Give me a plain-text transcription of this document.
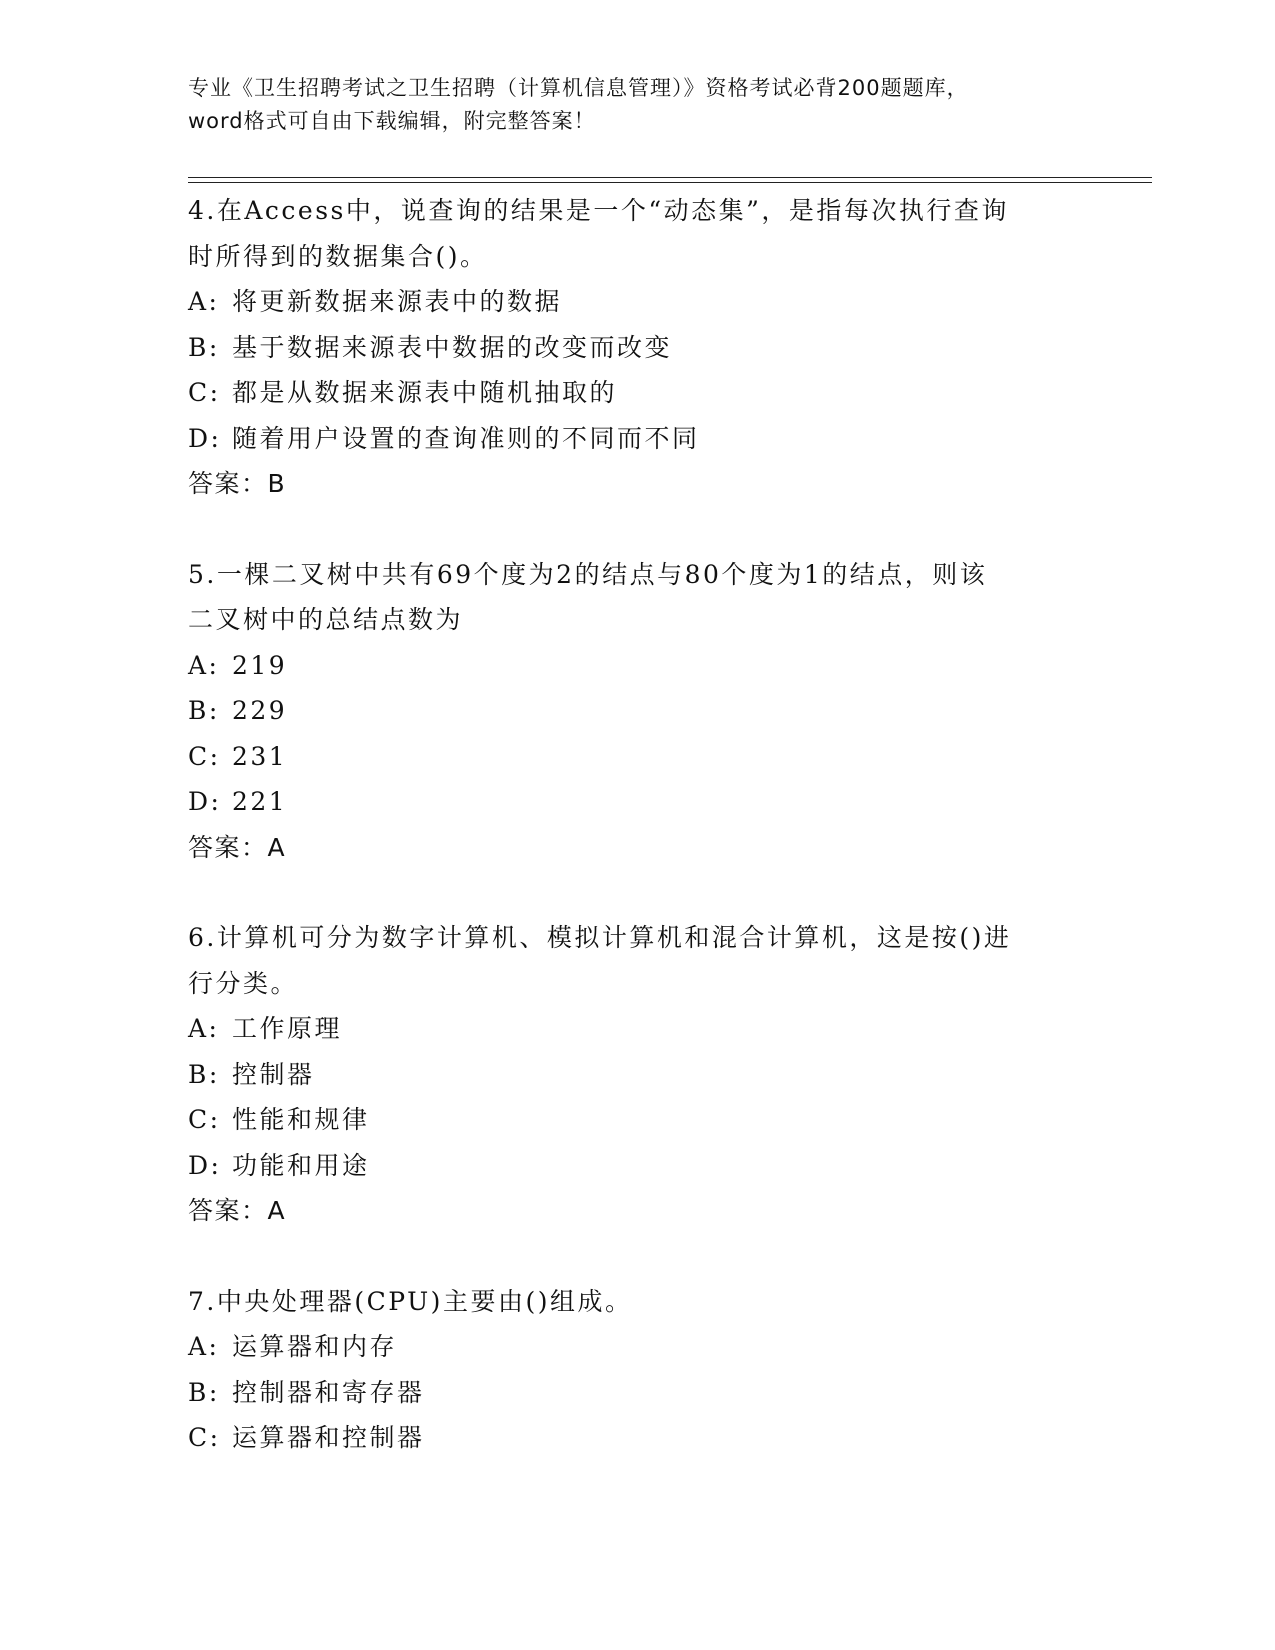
专业《卫生招聘考试之卫生招聘（计算机信息管理）》资格考试必背200题题库，
word格式可自由下载编辑，附完整答案！
4.在Access中，说查询的结果是一个“动态集”，是指每次执行查询
时所得到的数据集合()。
A: 将更新数据来源表中的数据
B: 基于数据来源表中数据的改变而改变
C: 都是从数据来源表中随机抽取的
D: 随着用户设置的查询准则的不同而不同
答案：B
5.一棵二叉树中共有69个度为2的结点与80个度为1的结点，则该
二叉树中的总结点数为
A: 219
B: 229
C: 231
D: 221
答案：A
6.计算机可分为数字计算机、模拟计算机和混合计算机，这是按()进
行分类。
A: 工作原理
B: 控制器
C: 性能和规律
D: 功能和用途
答案：A
7.中央处理器(CPU)主要由()组成。
A: 运算器和内存
B: 控制器和寄存器
C: 运算器和控制器
